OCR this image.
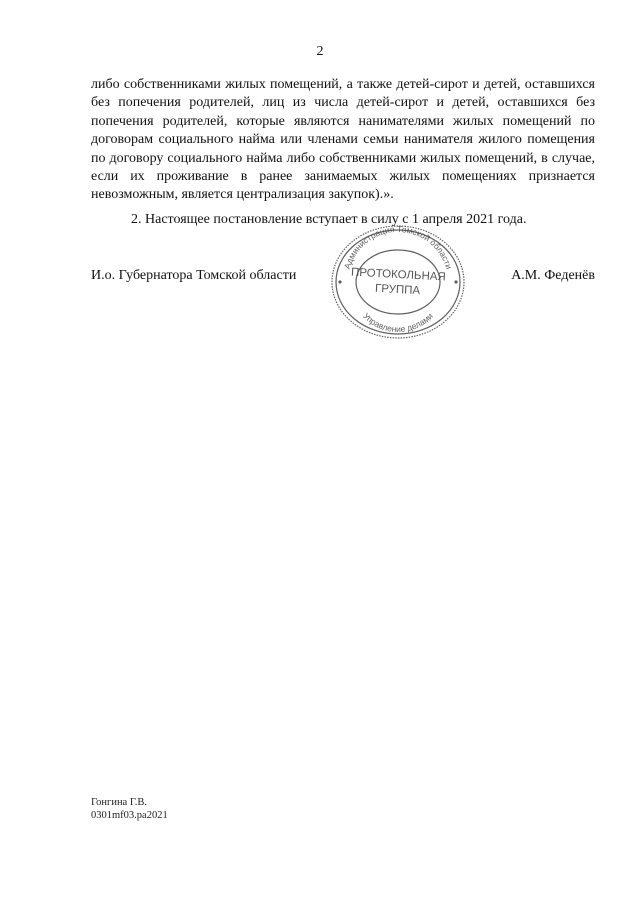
2

либо собственниками жилых помещений, а также детей-сирот и детей, оставшихся без попечения родителей, лиц из числа детей-сирот и детей, оставшихся без попечения родителей, которые являются нанимателями жилых помещений по договорам социального найма или членами семьи нанимателя жилого помещения по договору социального найма либо собственниками жилых помещений, в случае, если их проживание в ранее занимаемых жилых помещениях признается невозможным, является централизация закупок).».

2. Настоящее постановление вступает в силу с 1 апреля 2021 года.

И.о. Губернатора Томской области	А.М. Феденёв
Администрация Томской области
Управление делами
ПРОТОКОЛЬНАЯ
ГРУППА
Гонгина Г.В.
0301mf03.pa2021
